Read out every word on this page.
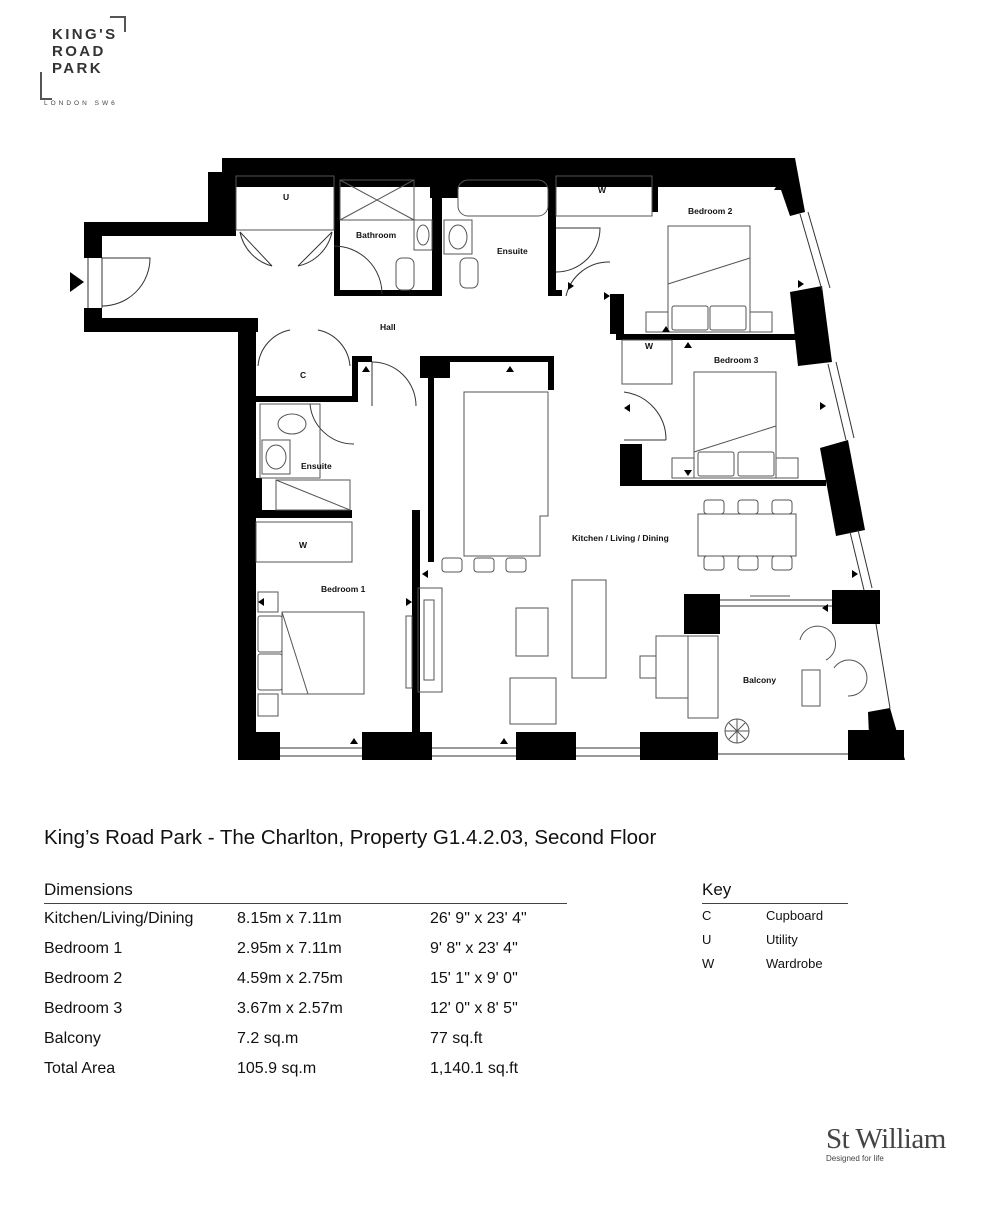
KING'S
ROAD
PARK
LONDON SW6
U
Bathroom
Ensuite
Bedroom 2
Hall
C
Bedroom 3
Ensuite
Kitchen / Living / Dining
Bedroom 1
Balcony
W
W
W
King’s Road Park - The Charlton, Property G1.4.2.03, Second Floor
Dimensions
Kitchen/Living/Dining	8.15m x 7.11m	26' 9" x 23' 4"
Bedroom 1	2.95m x 7.11m	9' 8" x 23' 4"
Bedroom 2	4.59m x 2.75m	15' 1" x 9' 0"
Bedroom 3	3.67m x 2.57m	12' 0" x 8' 5"
Balcony	7.2 sq.m	77 sq.ft
Total Area	105.9 sq.m	1,140.1 sq.ft
Key
C	Cupboard
U	Utility
W	Wardrobe
St William
Designed for life
